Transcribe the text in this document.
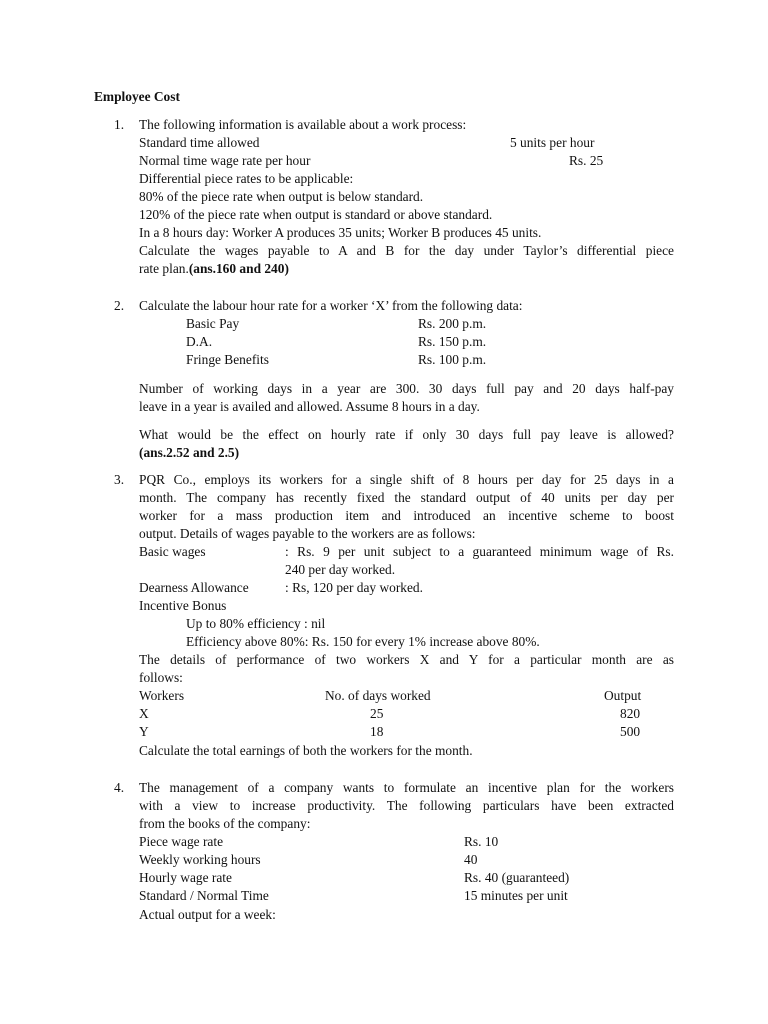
Employee Cost
1. The following information is available about a work process:
Standard time allowed	5 units per hour
Normal time wage rate per hour	Rs. 25
Differential piece rates to be applicable:
80% of the piece rate when output is below standard.
120% of the piece rate when output is standard or above standard.
In a 8 hours day: Worker A produces 35 units; Worker B produces 45 units.
Calculate the wages payable to A and B for the day under Taylor’s differential piece
rate plan.(ans.160 and 240)
2. Calculate the labour hour rate for a worker ‘X’ from the following data:
Basic Pay	Rs. 200 p.m.
D.A.	Rs. 150 p.m.
Fringe Benefits	Rs. 100 p.m.
Number of working days in a year are 300. 30 days full pay and 20 days half-pay
leave in a year is availed and allowed. Assume 8 hours in a day.
What would be the effect on hourly rate if only 30 days full pay leave is allowed?
(ans.2.52 and 2.5)
3. PQR Co., employs its workers for a single shift of 8 hours per day for 25 days in a
month. The company has recently fixed the standard output of 40 units per day per
worker for a mass production item and introduced an incentive scheme to boost
output. Details of wages payable to the workers are as follows:
Basic wages	: Rs. 9 per unit subject to a guaranteed minimum wage of Rs.
240 per day worked.
Dearness Allowance	: Rs, 120 per day worked.
Incentive Bonus
Up to 80% efficiency : nil
Efficiency above 80%: Rs. 150 for every 1% increase above 80%.
The details of performance of two workers X and Y for a particular month are as
follows:
Workers	No. of days worked	Output
X	25	820
Y	18	500
Calculate the total earnings of both the workers for the month.
4. The management of a company wants to formulate an incentive plan for the workers
with a view to increase productivity. The following particulars have been extracted
from the books of the company:
Piece wage rate	Rs. 10
Weekly working hours	40
Hourly wage rate	Rs. 40 (guaranteed)
Standard / Normal Time	15 minutes per unit
Actual output for a week:
